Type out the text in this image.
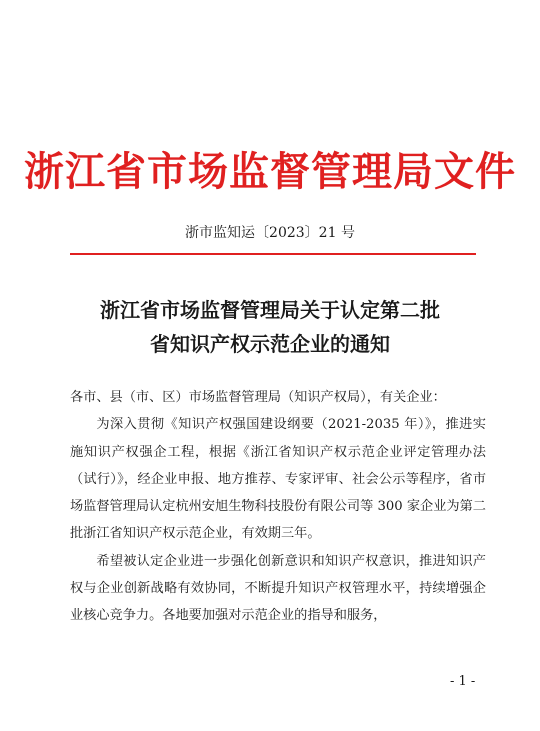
浙江省市场监督管理局文件
浙市监知运〔2023〕21 号
浙江省市场监督管理局关于认定第二批
省知识产权示范企业的通知

各市、县（市、区）市场监督管理局（知识产权局），有关企业：

为深入贯彻《知识产权强国建设纲要（2021-2035 年）》，推进实施知识产权强企工程，根据《浙江省知识产权示范企业评定管理办法（试行）》，经企业申报、地方推荐、专家评审、社会公示等程序，省市场监督管理局认定杭州安旭生物科技股份有限公司等 300 家企业为第二批浙江省知识产权示范企业，有效期三年。

希望被认定企业进一步强化创新意识和知识产权意识，推进知识产权与企业创新战略有效协同，不断提升知识产权管理水平，持续增强企业核心竞争力。各地要加强对示范企业的指导和服务，

- 1 -
